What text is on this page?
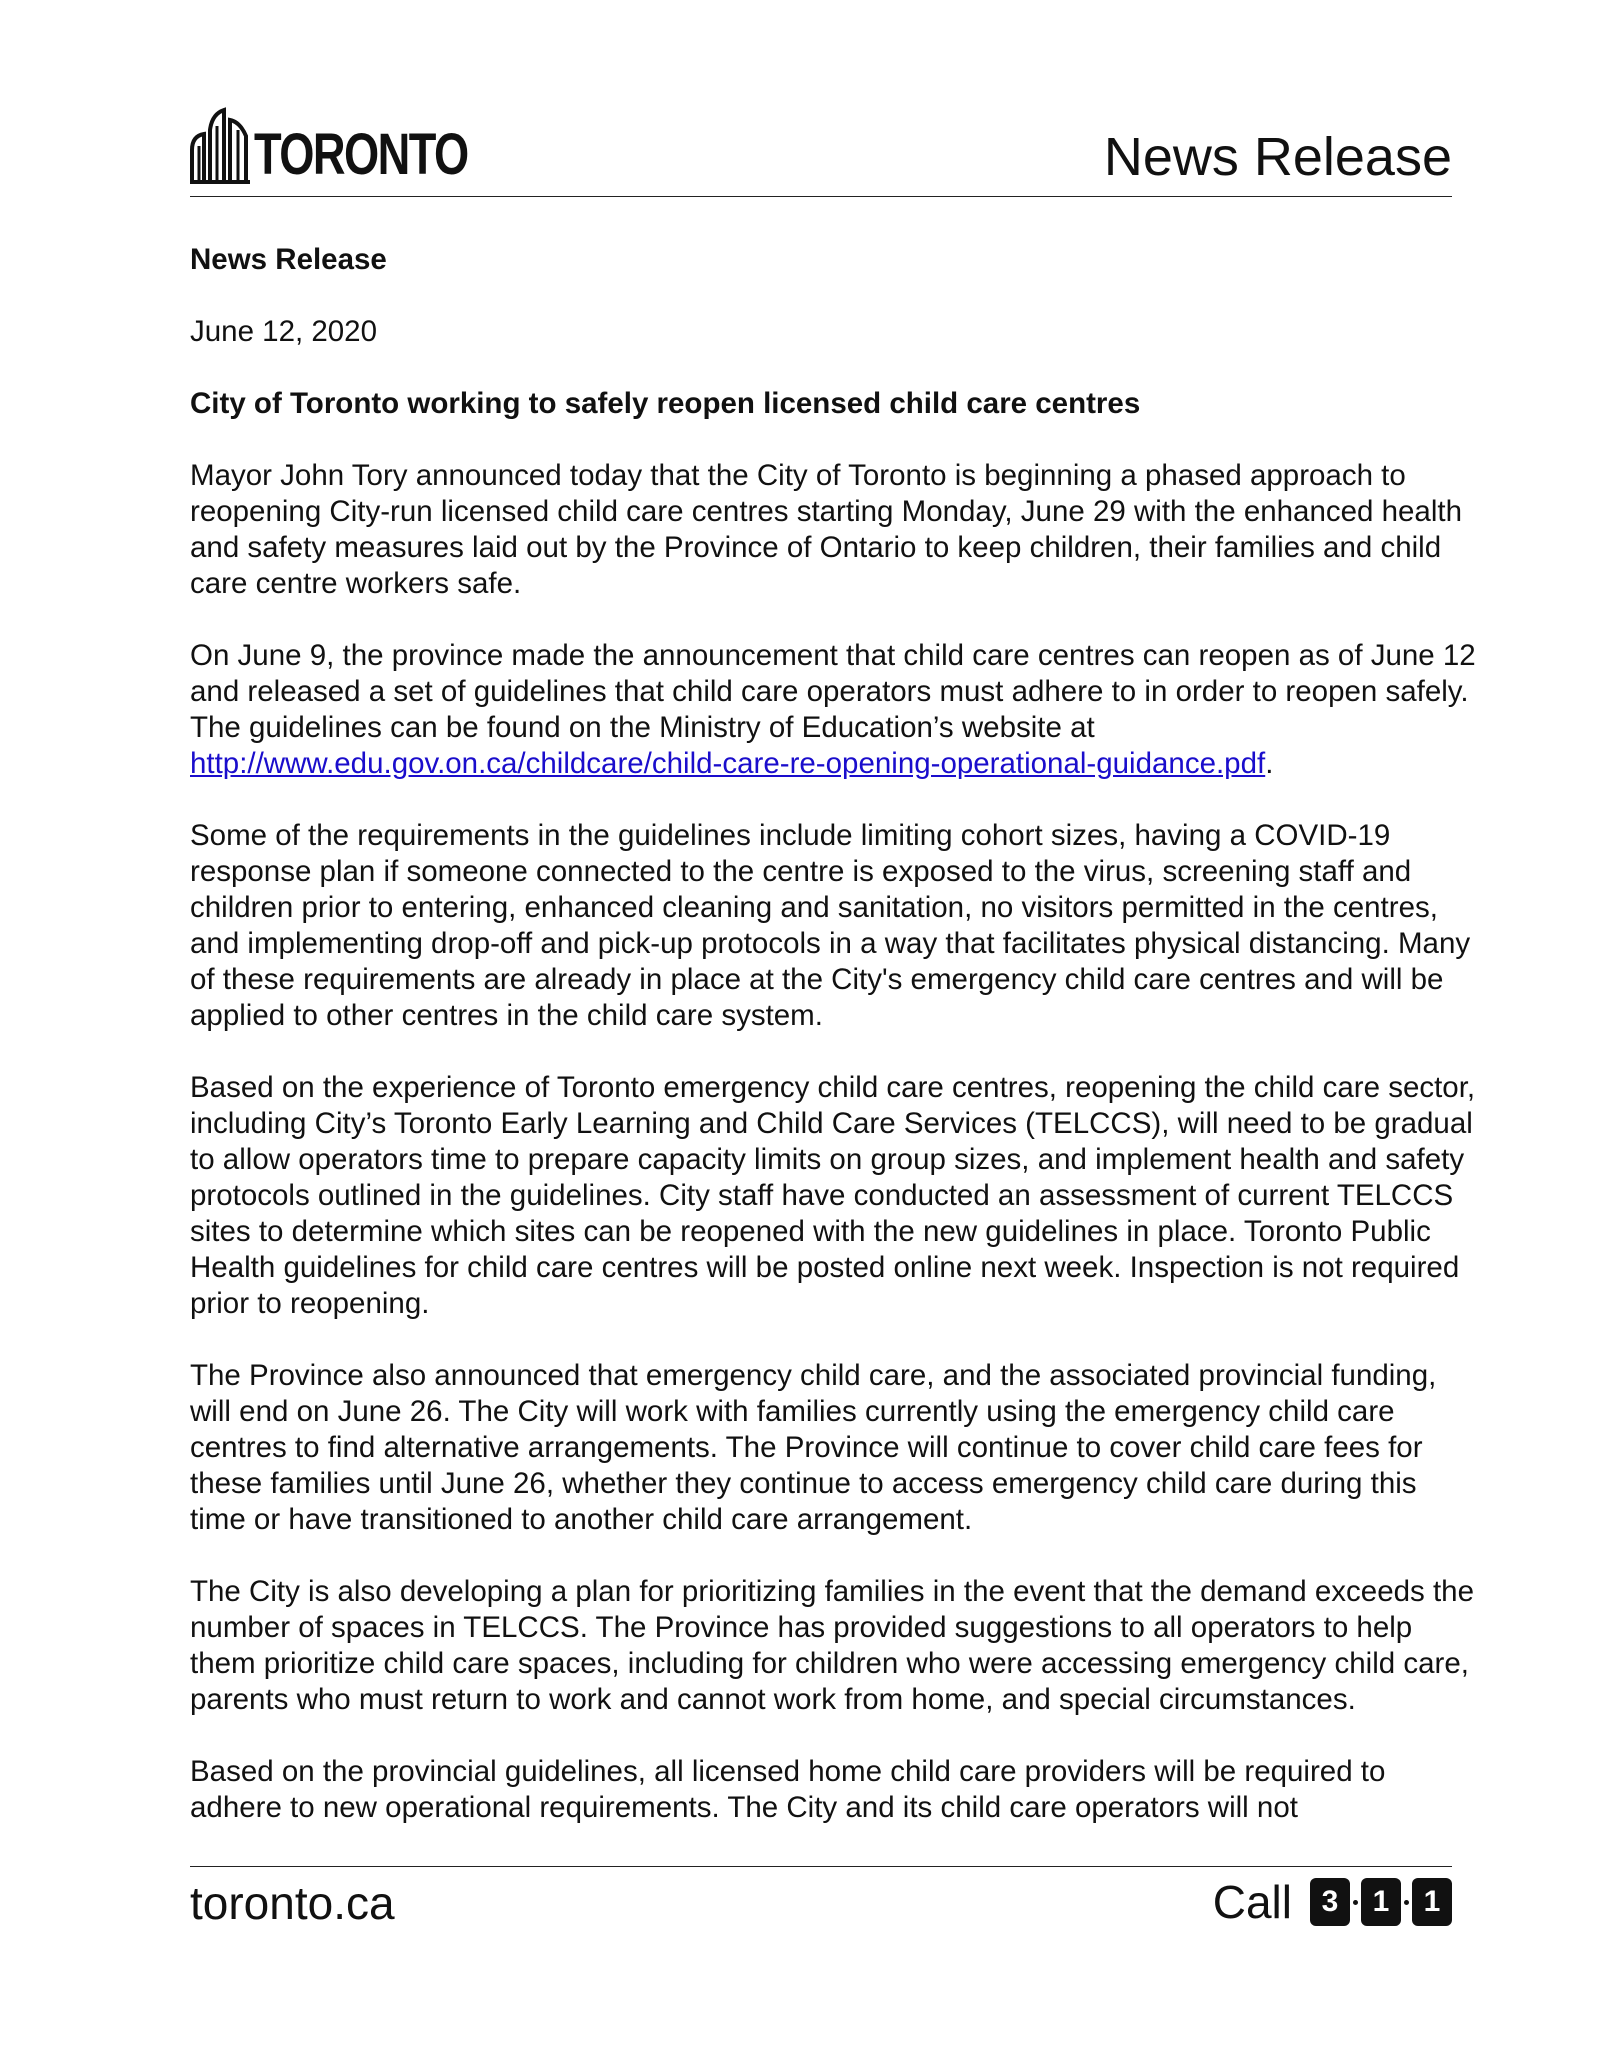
TORONTO	News Release

News Release

June 12, 2020

City of Toronto working to safely reopen licensed child care centres

Mayor John Tory announced today that the City of Toronto is beginning a phased approach to reopening City-run licensed child care centres starting Monday, June 29 with the enhanced health and safety measures laid out by the Province of Ontario to keep children, their families and child care centre workers safe.

On June 9, the province made the announcement that child care centres can reopen as of June 12 and released a set of guidelines that child care operators must adhere to in order to reopen safely. The guidelines can be found on the Ministry of Education’s website at http://www.edu.gov.on.ca/childcare/child-care-re-opening-operational-guidance.pdf.

Some of the requirements in the guidelines include limiting cohort sizes, having a COVID-19 response plan if someone connected to the centre is exposed to the virus, screening staff and children prior to entering, enhanced cleaning and sanitation, no visitors permitted in the centres, and implementing drop-off and pick-up protocols in a way that facilitates physical distancing. Many of these requirements are already in place at the City's emergency child care centres and will be applied to other centres in the child care system.

Based on the experience of Toronto emergency child care centres, reopening the child care sector, including City’s Toronto Early Learning and Child Care Services (TELCCS), will need to be gradual to allow operators time to prepare capacity limits on group sizes, and implement health and safety protocols outlined in the guidelines. City staff have conducted an assessment of current TELCCS sites to determine which sites can be reopened with the new guidelines in place. Toronto Public Health guidelines for child care centres will be posted online next week. Inspection is not required prior to reopening.

The Province also announced that emergency child care, and the associated provincial funding, will end on June 26. The City will work with families currently using the emergency child care centres to find alternative arrangements. The Province will continue to cover child care fees for these families until June 26, whether they continue to access emergency child care during this time or have transitioned to another child care arrangement.

The City is also developing a plan for prioritizing families in the event that the demand exceeds the number of spaces in TELCCS. The Province has provided suggestions to all operators to help them prioritize child care spaces, including for children who were accessing emergency child care, parents who must return to work and cannot work from home, and special circumstances.

Based on the provincial guidelines, all licensed home child care providers will be required to adhere to new operational requirements. The City and its child care operators will not

toronto.ca	Call 3	1	1
